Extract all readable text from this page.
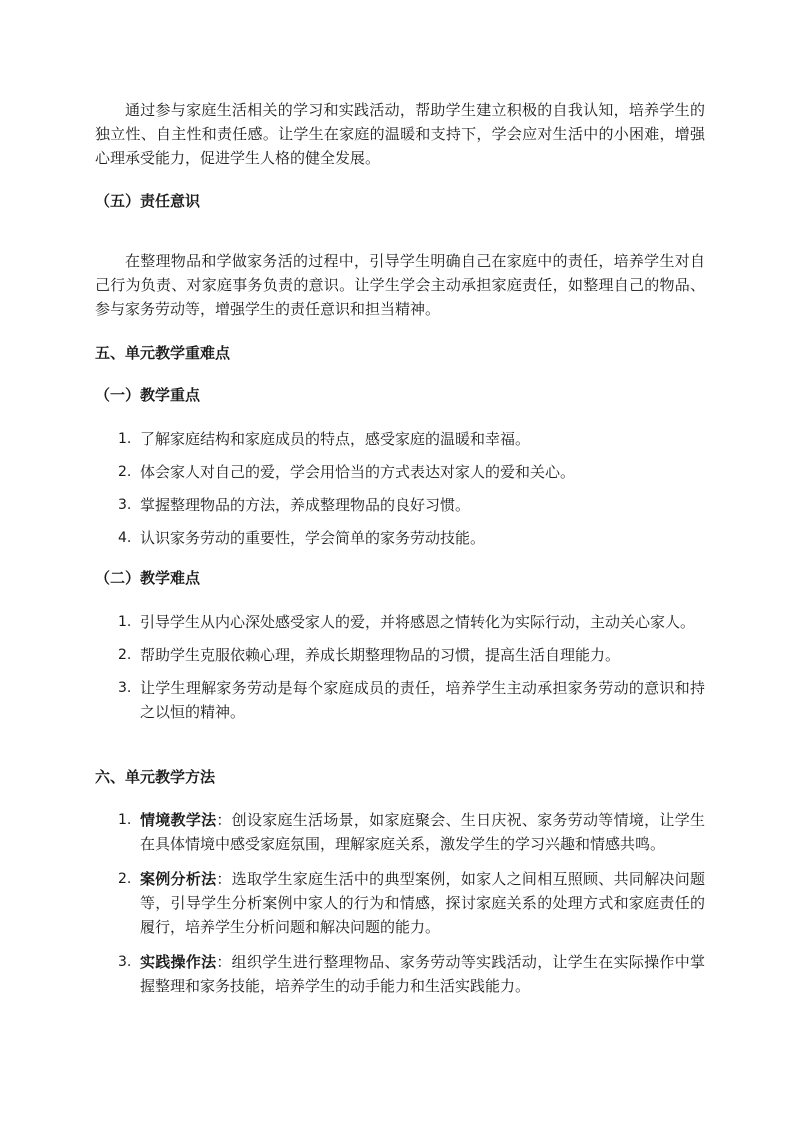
通过参与家庭生活相关的学习和实践活动，帮助学生建立积极的自我认知，培养学生的独立性、自主性和责任感。让学生在家庭的温暖和支持下，学会应对生活中的小困难，增强心理承受能力，促进学生人格的健全发展。

（五）责任意识

在整理物品和学做家务活的过程中，引导学生明确自己在家庭中的责任，培养学生对自己行为负责、对家庭事务负责的意识。让学生学会主动承担家庭责任，如整理自己的物品、参与家务劳动等，增强学生的责任意识和担当精神。

五、单元教学重难点

（一）教学重点

1. 了解家庭结构和家庭成员的特点，感受家庭的温暖和幸福。
2. 体会家人对自己的爱，学会用恰当的方式表达对家人的爱和关心。
3. 掌握整理物品的方法，养成整理物品的良好习惯。
4. 认识家务劳动的重要性，学会简单的家务劳动技能。

（二）教学难点

1. 引导学生从内心深处感受家人的爱，并将感恩之情转化为实际行动，主动关心家人。
2. 帮助学生克服依赖心理，养成长期整理物品的习惯，提高生活自理能力。
3. 让学生理解家务劳动是每个家庭成员的责任，培养学生主动承担家务劳动的意识和持之以恒的精神。

六、单元教学方法

1. 情境教学法：创设家庭生活场景，如家庭聚会、生日庆祝、家务劳动等情境，让学生在具体情境中感受家庭氛围，理解家庭关系，激发学生的学习兴趣和情感共鸣。
2. 案例分析法：选取学生家庭生活中的典型案例，如家人之间相互照顾、共同解决问题等，引导学生分析案例中家人的行为和情感，探讨家庭关系的处理方式和家庭责任的履行，培养学生分析问题和解决问题的能力。
3. 实践操作法：组织学生进行整理物品、家务劳动等实践活动，让学生在实际操作中掌握整理和家务技能，培养学生的动手能力和生活实践能力。
